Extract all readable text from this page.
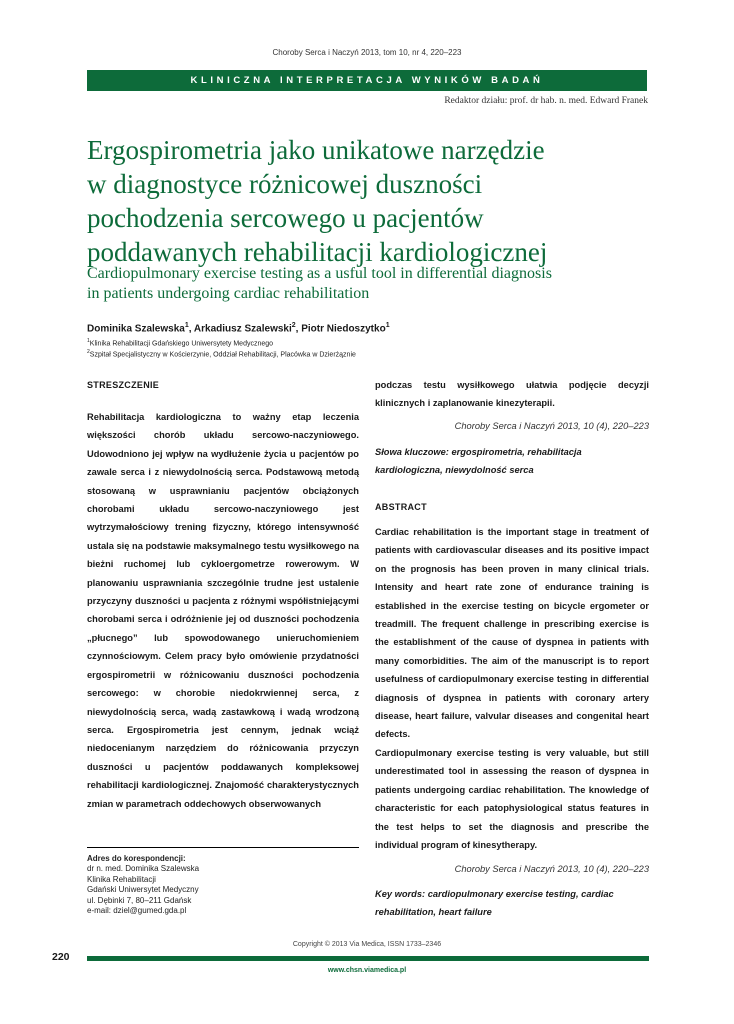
Choroby Serca i Naczyń 2013, tom 10, nr 4, 220–223
KLINICZNA INTERPRETACJA WYNIKÓW BADAŃ
Redaktor działu: prof. dr hab. n. med. Edward Franek
Ergospirometria jako unikatowe narzędzie
w diagnostyce różnicowej duszności
pochodzenia sercowego u pacjentów
poddawanych rehabilitacji kardiologicznej
Cardiopulmonary exercise testing as a usful tool in differential diagnosis
in patients undergoing cardiac rehabilitation
Dominika Szalewska$^1$, Arkadiusz Szalewski$^2$, Piotr Niedoszytko$^1$
$^1$Klinika Rehabilitacji Gdańskiego Uniwersytety Medycznego
$^2$Szpitał Specjalistyczny w Kościerzynie, Oddział Rehabilitacji, Placówka w Dzierżąznie
STRESZCZENIE
Rehabilitacja kardiologiczna to ważny etap leczenia większości chorób układu sercowo-naczyniowego. Udowodniono jej wpływ na wydłużenie życia u pacjentów po zawale serca i z niewydolnością serca. Podstawową metodą stosowaną w usprawnianiu pacjentów obciążonych chorobami układu sercowo-naczyniowego jest wytrzymałościowy trening fizyczny, którego intensywność ustala się na podstawie maksymalnego testu wysiłkowego na bieżni ruchomej lub cykloergometrze rowerowym. W planowaniu usprawniania szczególnie trudne jest ustalenie przyczyny duszności u pacjenta z różnymi współistniejącymi chorobami serca i odróżnienie jej od duszności pochodzenia „płucnego” lub spowodowanego unieruchomieniem czynnościowym. Celem pracy było omówienie przydatności ergospirometrii w różnicowaniu duszności pochodzenia sercowego: w chorobie niedokrwiennej serca, z niewydolnością serca, wadą zastawkową i wadą wrodzoną serca. Ergospirometria jest cennym, jednak wciąż niedocenianym narzędziem do różnicowania przyczyn duszności u pacjentów poddawanych kompleksowej rehabilitacji kardiologicznej. Znajomość charakterystycznych zmian w parametrach oddechowych obserwowanych
podczas testu wysiłkowego ułatwia podjęcie decyzji klinicznych i zaplanowanie kinezyterapii.
Choroby Serca i Naczyń 2013, 10 (4), 220–223
Słowa kluczowe: ergospirometria, rehabilitacja kardiologiczna, niewydolność serca
ABSTRACT

Cardiac rehabilitation is the important stage in treatment of patients with cardiovascular diseases and its positive impact on the prognosis has been proven in many clinical trials. Intensity and heart rate zone of endurance training is established in the exercise testing on bicycle ergometer or treadmill. The frequent challenge in prescribing exercise is the establishment of the cause of dyspnea in patients with many comorbidities. The aim of the manuscript is to report usefulness of cardiopulmonary exercise testing in differential diagnosis of dyspnea in patients with coronary artery disease, heart failure, valvular diseases and congenital heart defects.

Cardiopulmonary exercise testing is very valuable, but still underestimated tool in assessing the reason of dyspnea in patients undergoing cardiac rehabilitation. The knowledge of characteristic for each patophysiological status features in the test helps to set the diagnosis and prescribe the individual program of kinesytherapy.

Choroby Serca i Naczyń 2013, 10 (4), 220–223
Key words: cardiopulmonary exercise testing, cardiac rehabilitation, heart failure
Adres do korespondencji:
dr n. med. Dominika Szalewska
Klinika Rehabilitacji
Gdański Uniwersytet Medyczny
ul. Dębinki 7, 80–211 Gdańsk
e-mail: dziel@gumed.gda.pl
Copyright © 2013 Via Medica, ISSN 1733–2346
220
www.chsn.viamedica.pl
